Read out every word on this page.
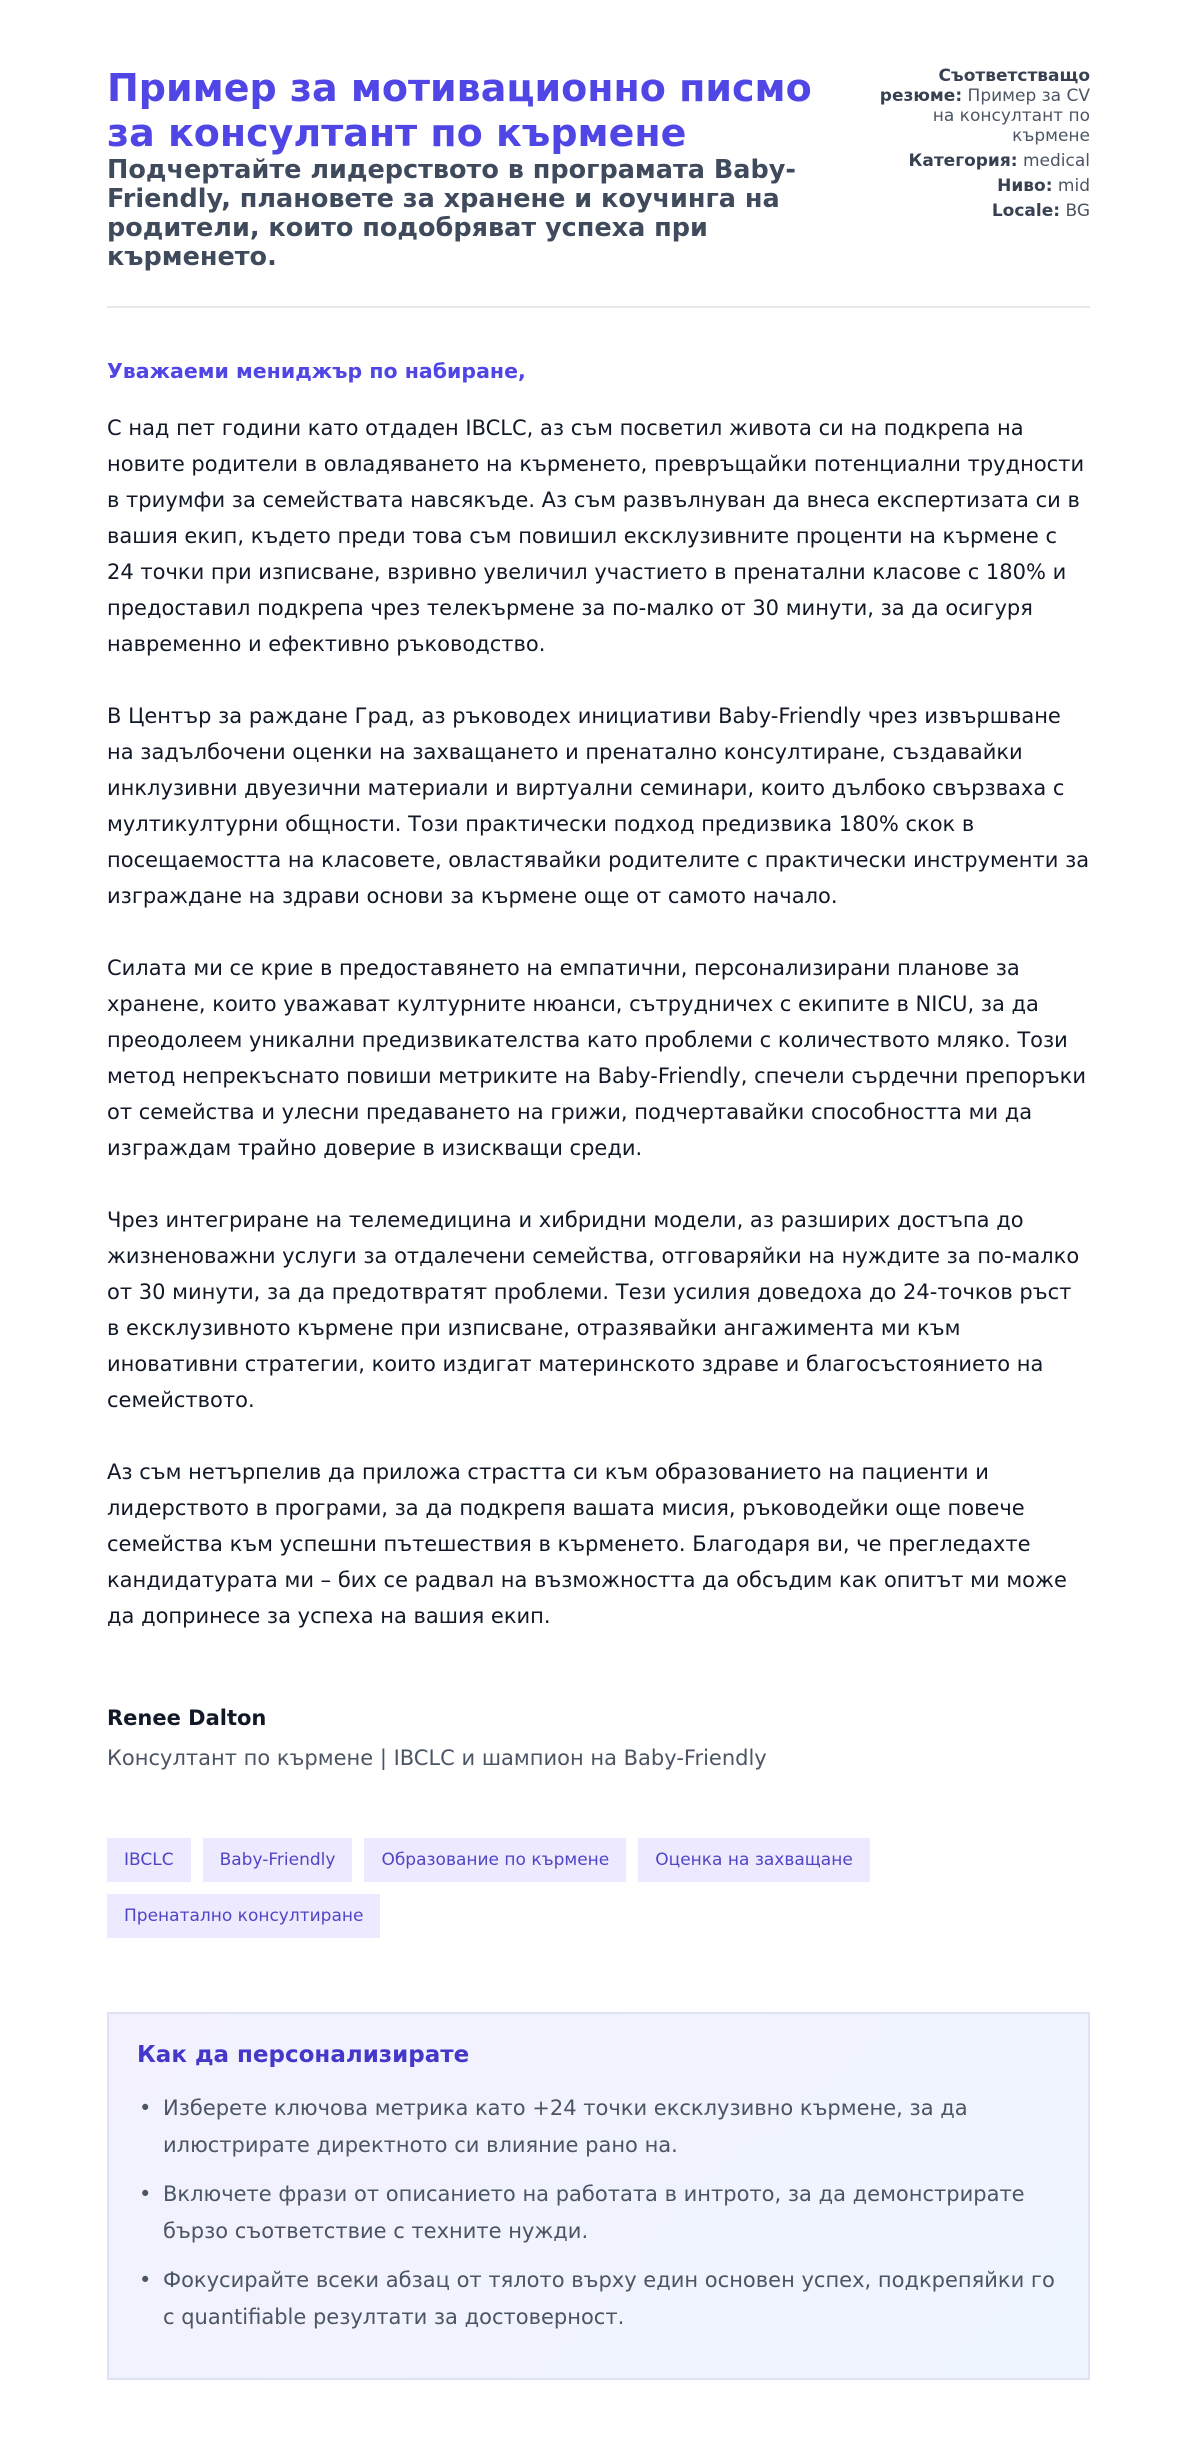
Пример за мотивационно писмо за консултант по кърмене
Подчертайте лидерството в програмата Baby-Friendly, плановете за хранене и коучинга на родители, които подобряват успеха при кърменето.
Съответстващо резюме: Пример за CV на консултант по кърмене
Категория: medical
Ниво: mid
Locale: BG
Уважаеми мениджър по набиране,

С над пет години като отдаден IBCLC, аз съм посветил живота си на подкрепа на новите родители в овладяването на кърменето, превръщайки потенциални трудности в триумфи за семействата навсякъде. Аз съм развълнуван да внеса експертизата си в вашия екип, където преди това съм повишил ексклузивните проценти на кърмене с 24 точки при изписване, взривно увеличил участието в пренатални класове с 180% и предоставил подкрепа чрез телекърмене за по-малко от 30 минути, за да осигуря навременно и ефективно ръководство.

В Център за раждане Град, аз ръководех инициативи Baby-Friendly чрез извършване на задълбочени оценки на захващането и пренатално консултиране, създавайки инклузивни двуезични материали и виртуални семинари, които дълбоко свързваха с мултикултурни общности. Този практически подход предизвика 180% скок в посещаемостта на класовете, овластявайки родителите с практически инструменти за изграждане на здрави основи за кърмене още от самото начало.

Силата ми се крие в предоставянето на емпатични, персонализирани планове за хранене, които уважават културните нюанси, сътрудничех с екипите в NICU, за да преодолеем уникални предизвикателства като проблеми с количеството мляко. Този метод непрекъснато повиши метриките на Baby-Friendly, спечели сърдечни препоръки от семейства и улесни предаването на грижи, подчертавайки способността ми да изграждам трайно доверие в изискващи среди.

Чрез интегриране на телемедицина и хибридни модели, аз разширих достъпа до жизненоважни услуги за отдалечени семейства, отговаряйки на нуждите за по-малко от 30 минути, за да предотвратят проблеми. Тези усилия доведоха до 24-точков ръст в ексклузивното кърмене при изписване, отразявайки ангажимента ми към иновативни стратегии, които издигат материнското здраве и благосъстоянието на семейството.

Аз съм нетърпелив да приложа страстта си към образованието на пациенти и лидерството в програми, за да подкрепя вашата мисия, ръководейки още повече семейства към успешни пътешествия в кърменето. Благодаря ви, че прегледахте кандидатурата ми – бих се радвал на възможността да обсъдим как опитът ми може да допринесе за успеха на вашия екип.

Renee Dalton
Консултант по кърмене | IBCLC и шампион на Baby-Friendly
IBCLC	Baby-Friendly	Образование по кърмене	Оценка на захващане
Пренатално консултиране
Как да персонализирате
• Изберете ключова метрика като +24 точки ексклузивно кърмене, за да илюстрирате директното си влияние рано на.
• Включете фрази от описанието на работата в интрото, за да демонстрирате бързо съответствие с техните нужди.
• Фокусирайте всеки абзац от тялото върху един основен успех, подкрепяйки го с quantifiable резултати за достоверност.
